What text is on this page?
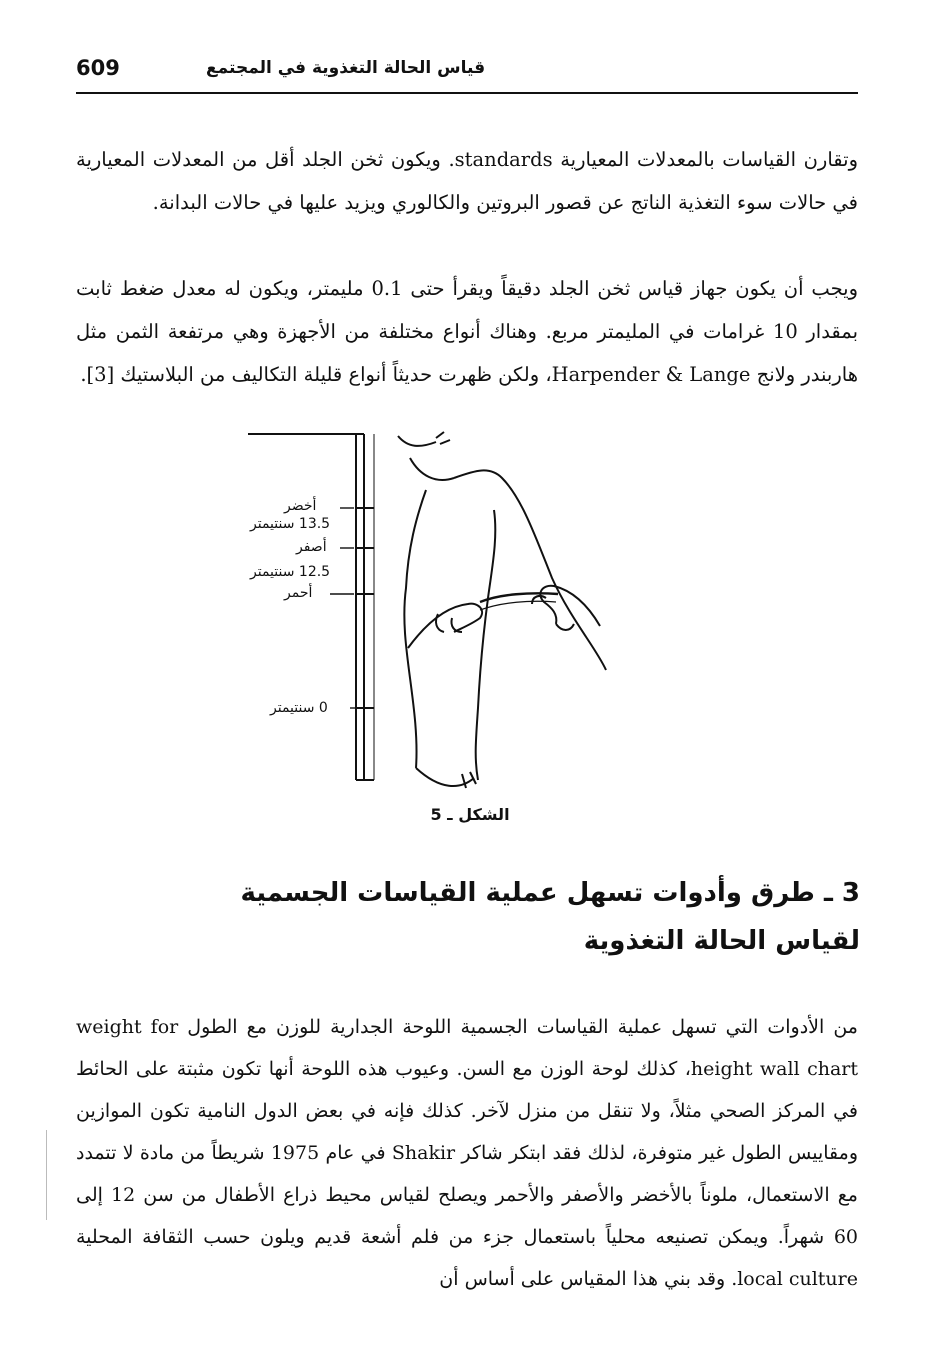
609	قياس الحالة التغذوية في المجتمع

وتقارن القياسات بالمعدلات المعيارية standards. ويكون ثخن الجلد أقل من المعدلات المعيارية في حالات سوء التغذية الناتج عن قصور البروتين والكالوري ويزيد عليها في حالات البدانة.

ويجب أن يكون جهاز قياس ثخن الجلد دقيقاً ويقرأ حتى 0.1 مليمتر، ويكون له معدل ضغط ثابت بمقدار 10 غرامات في المليمتر مربع. وهناك أنواع مختلفة من الأجهزة وهي مرتفعة الثمن مثل هاربندر ولانج Harpender & Lange، ولكن ظهرت حديثاً أنواع قليلة التكاليف من البلاستيك [3].

أخضر
13.5 سنتيمتر
أصفر
12.5 سنتيمتر
أحمر
0 سنتيمتر
الشكل ـ 5
3 ـ طرق وأدوات تسهل عملية القياسات الجسمية
لقياس الحالة التغذوية

من الأدوات التي تسهل عملية القياسات الجسمية اللوحة الجدارية للوزن مع الطول weight for height wall chart، كذلك لوحة الوزن مع السن. وعيوب هذه اللوحة أنها تكون مثبتة على الحائط في المركز الصحي مثلاً، ولا تنقل من منزل لآخر. كذلك فإنه في بعض الدول النامية تكون الموازين ومقاييس الطول غير متوفرة، لذلك فقد ابتكر شاكر Shakir في عام 1975 شريطاً من مادة لا تتمدد مع الاستعمال، ملوناً بالأخضر والأصفر والأحمر ويصلح لقياس محيط ذراع الأطفال من سن 12 إلى 60 شهراً. ويمكن تصنيعه محلياً باستعمال جزء من فلم أشعة قديم ويلون حسب الثقافة المحلية local culture. وقد بني هذا المقياس على أساس أن
